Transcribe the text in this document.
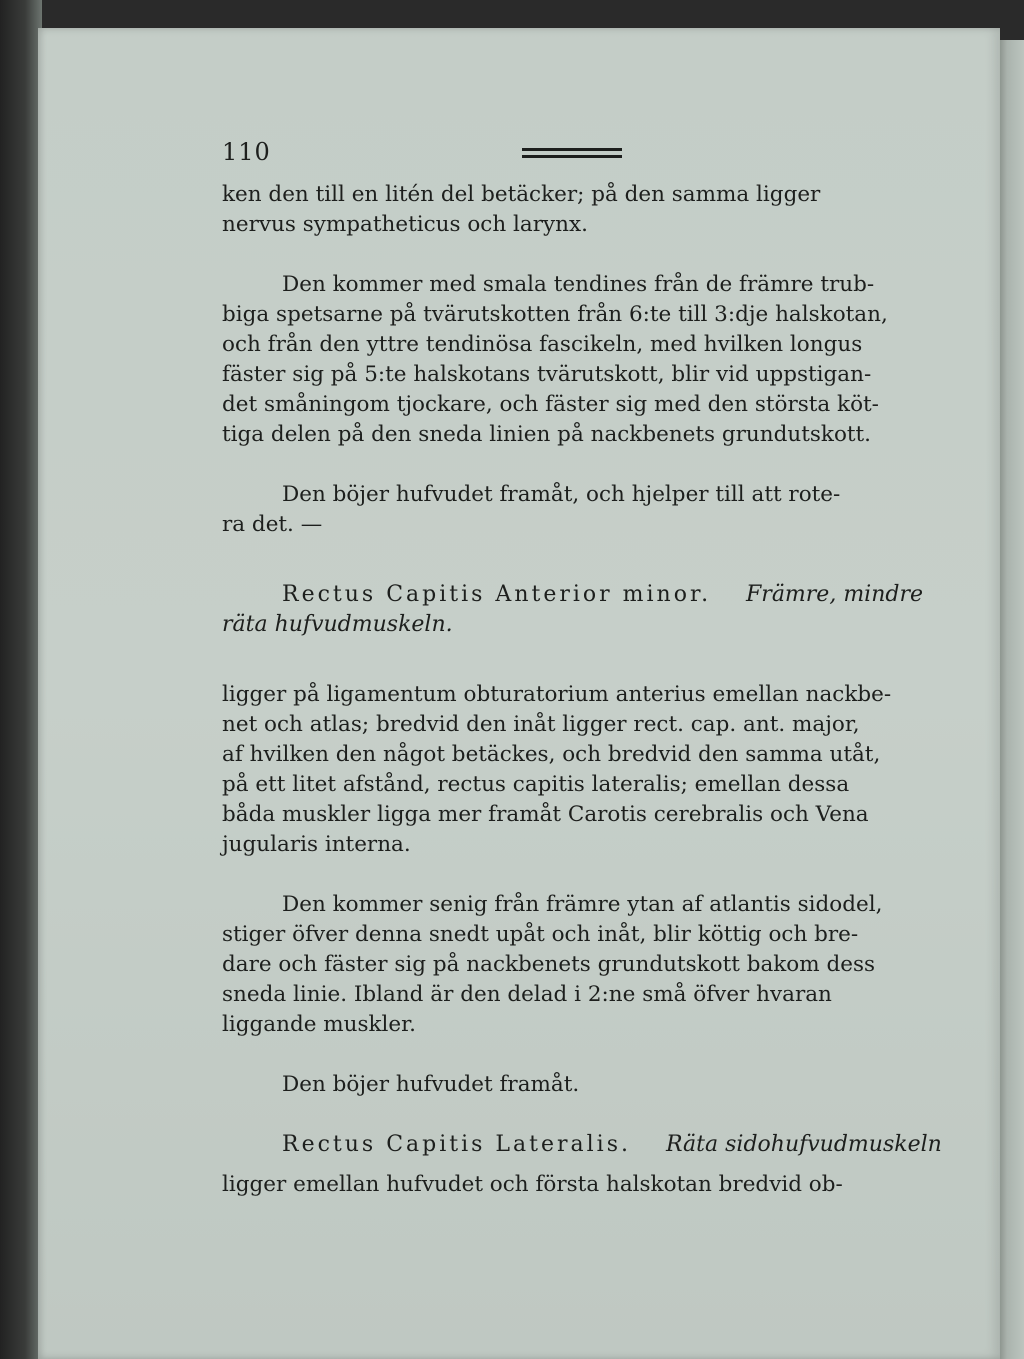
110

ken den till en litén del betäcker; på den samma ligger

nervus sympatheticus och larynx.

Den kommer med smala tendines från de främre trub-

biga spetsarne på tvärutskotten från 6:te till 3:dje halskotan,

och från den yttre tendinösa fascikeln, med hvilken longus

fäster sig på 5:te halskotans tvärutskott, blir vid uppstigan-

det småningom tjockare, och fäster sig med den största köt-

tiga delen på den sneda linien på nackbenets grundutskott.

Den böjer hufvudet framåt, och hjelper till att rote-

ra det. —

Rectus Capitis Anterior minor. Främre, mindre

räta hufvudmuskeln.

ligger på ligamentum obturatorium anterius emellan nackbe-

net och atlas; bredvid den inåt ligger rect. cap. ant. major,

af hvilken den något betäckes, och bredvid den samma utåt,

på ett litet afstånd, rectus capitis lateralis; emellan dessa

båda muskler ligga mer framåt Carotis cerebralis och Vena

jugularis interna.

Den kommer senig från främre ytan af atlantis sidodel,

stiger öfver denna snedt upåt och inåt, blir köttig och bre-

dare och fäster sig på nackbenets grundutskott bakom dess

sneda linie. Ibland är den delad i 2:ne små öfver hvaran

liggande muskler.

Den böjer hufvudet framåt.

Rectus Capitis Lateralis. Räta sidohufvudmuskeln

ligger emellan hufvudet och första halskotan bredvid ob-
